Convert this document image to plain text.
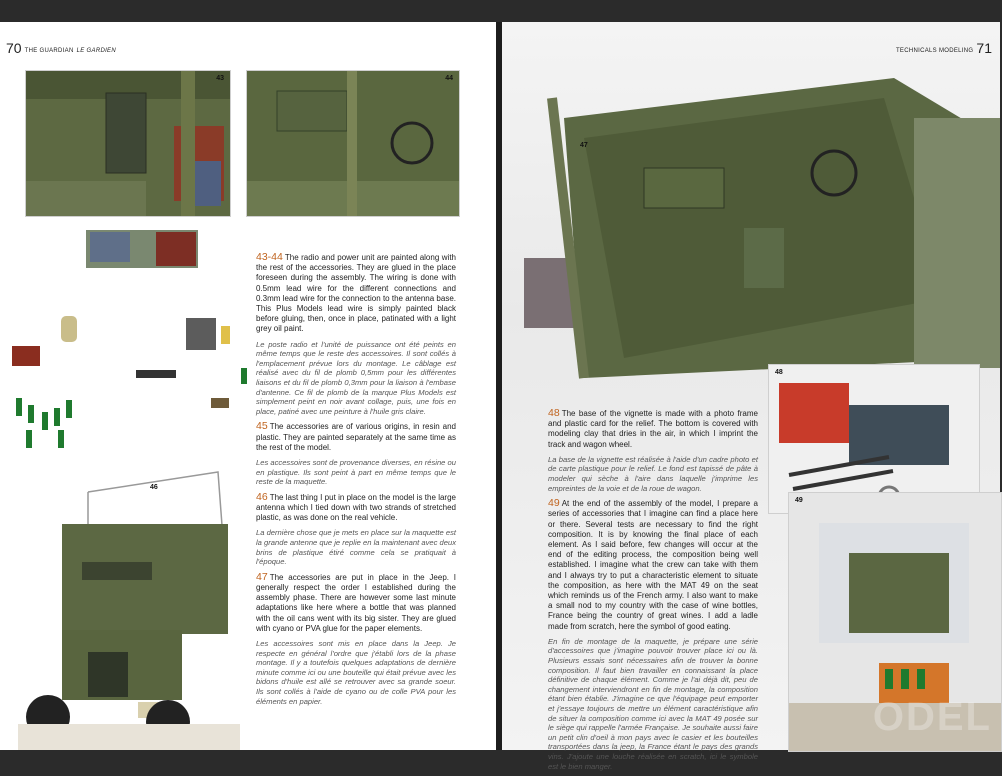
70 THE GUARDIAN LE GARDIEN
43	44
45
46

43-44 The radio and power unit are painted along with the rest of the accessories. They are glued in the place foreseen during the assembly. The wiring is done with 0.5mm lead wire for the different connections and 0.3mm lead wire for the connection to the antenna base. This Plus Models lead wire is simply painted black before gluing, then, once in place, patinated with a light grey oil paint.

Le poste radio et l'unité de puissance ont été peints en même temps que le reste des accessoires. Il sont collés à l'emplacement prévue lors du montage. Le câblage est réalisé avec du fil de plomb 0,5mm pour les différentes liaisons et du fil de plomb 0,3mm pour la liaison à l'embase d'antenne. Ce fil de plomb de la marque Plus Models est simplement peint en noir avant collage, puis, une fois en place, patiné avec une peinture à l'huile gris claire.

45 The accessories are of various origins, in resin and plastic. They are painted separately at the same time as the rest of the model.

Les accessoires sont de provenance diverses, en résine ou en plastique. Ils sont peint à part en même temps que le reste de la maquette.

46 The last thing I put in place on the model is the large antenna which I tied down with two strands of stretched plastic, as was done on the real vehicle.

La dernière chose que je mets en place sur la maquette est la grande antenne que je replie en la maintenant avec deux brins de plastique étiré comme cela se pratiquait à l'époque.

47 The accessories are put in place in the Jeep. I generally respect the order I established during the assembly phase. There are however some last minute adaptations like here where a bottle that was planned with the oil cans went with its big sister. They are glued with cyano or PVA glue for the paper elements.

Les accessoires sont mis en place dans la Jeep. Je respecte en général l'ordre que j'établi lors de la phase montage. Il y a toutefois quelques adaptations de dernière minute comme ici ou une bouteille qui était prévue avec les bidons d'huile est allé se retrouver avec sa grande soeur. Ils sont collés à l'aide de cyano ou de colle PVA pour les éléments en papier.

TECHNICALS MODELING 71
47
48
49

48 The base of the vignette is made with a photo frame and plastic card for the relief. The bottom is covered with modeling clay that dries in the air, in which I imprint the track and wagon wheel.

La base de la vignette est réalisée à l'aide d'un cadre photo et de carte plastique pour le relief. Le fond est tapissé de pâte à modeler qui sèche à l'aire dans laquelle j'imprime les empreintes de la voie et de la roue de wagon.

49 At the end of the assembly of the model, I prepare a series of accessories that I imagine can find a place here or there. Several tests are necessary to find the right composition. It is by knowing the final place of each element. As I said before, few changes will occur at the end of the editing process, the composition being well established. I imagine what the crew can take with them and I always try to put a characteristic element to situate the composition, as here with the MAT 49 on the seat which reminds us of the French army. I also want to make a small nod to my country with the case of wine bottles, France being the country of great wines. I add a ladle made from scratch, here the symbol of good eating.

En fin de montage de la maquette, je prépare une série d'accessoires que j'imagine pouvoir trouver place ici ou là. Plusieurs essais sont nécessaires afin de trouver la bonne composition. Il faut bien travailler en connaissant la place définitive de chaque élément. Comme je l'ai déjà dit, peu de changement interviendront en fin de montage, la composition étant bien établie. J'imagine ce que l'équipage peut emporter et j'essaye toujours de mettre un élément caractéristique afin de situer la composition comme ici avec la MAT 49 posée sur le siège qui rappelle l'armée Française. Je souhaite aussi faire un petit clin d'oeil à mon pays avec le casier et les bouteilles transportées dans la jeep, la France étant le pays des grands vins. J'ajoute une louche réalisée en scratch, ici le symbole est le bien manger.

ODEL
